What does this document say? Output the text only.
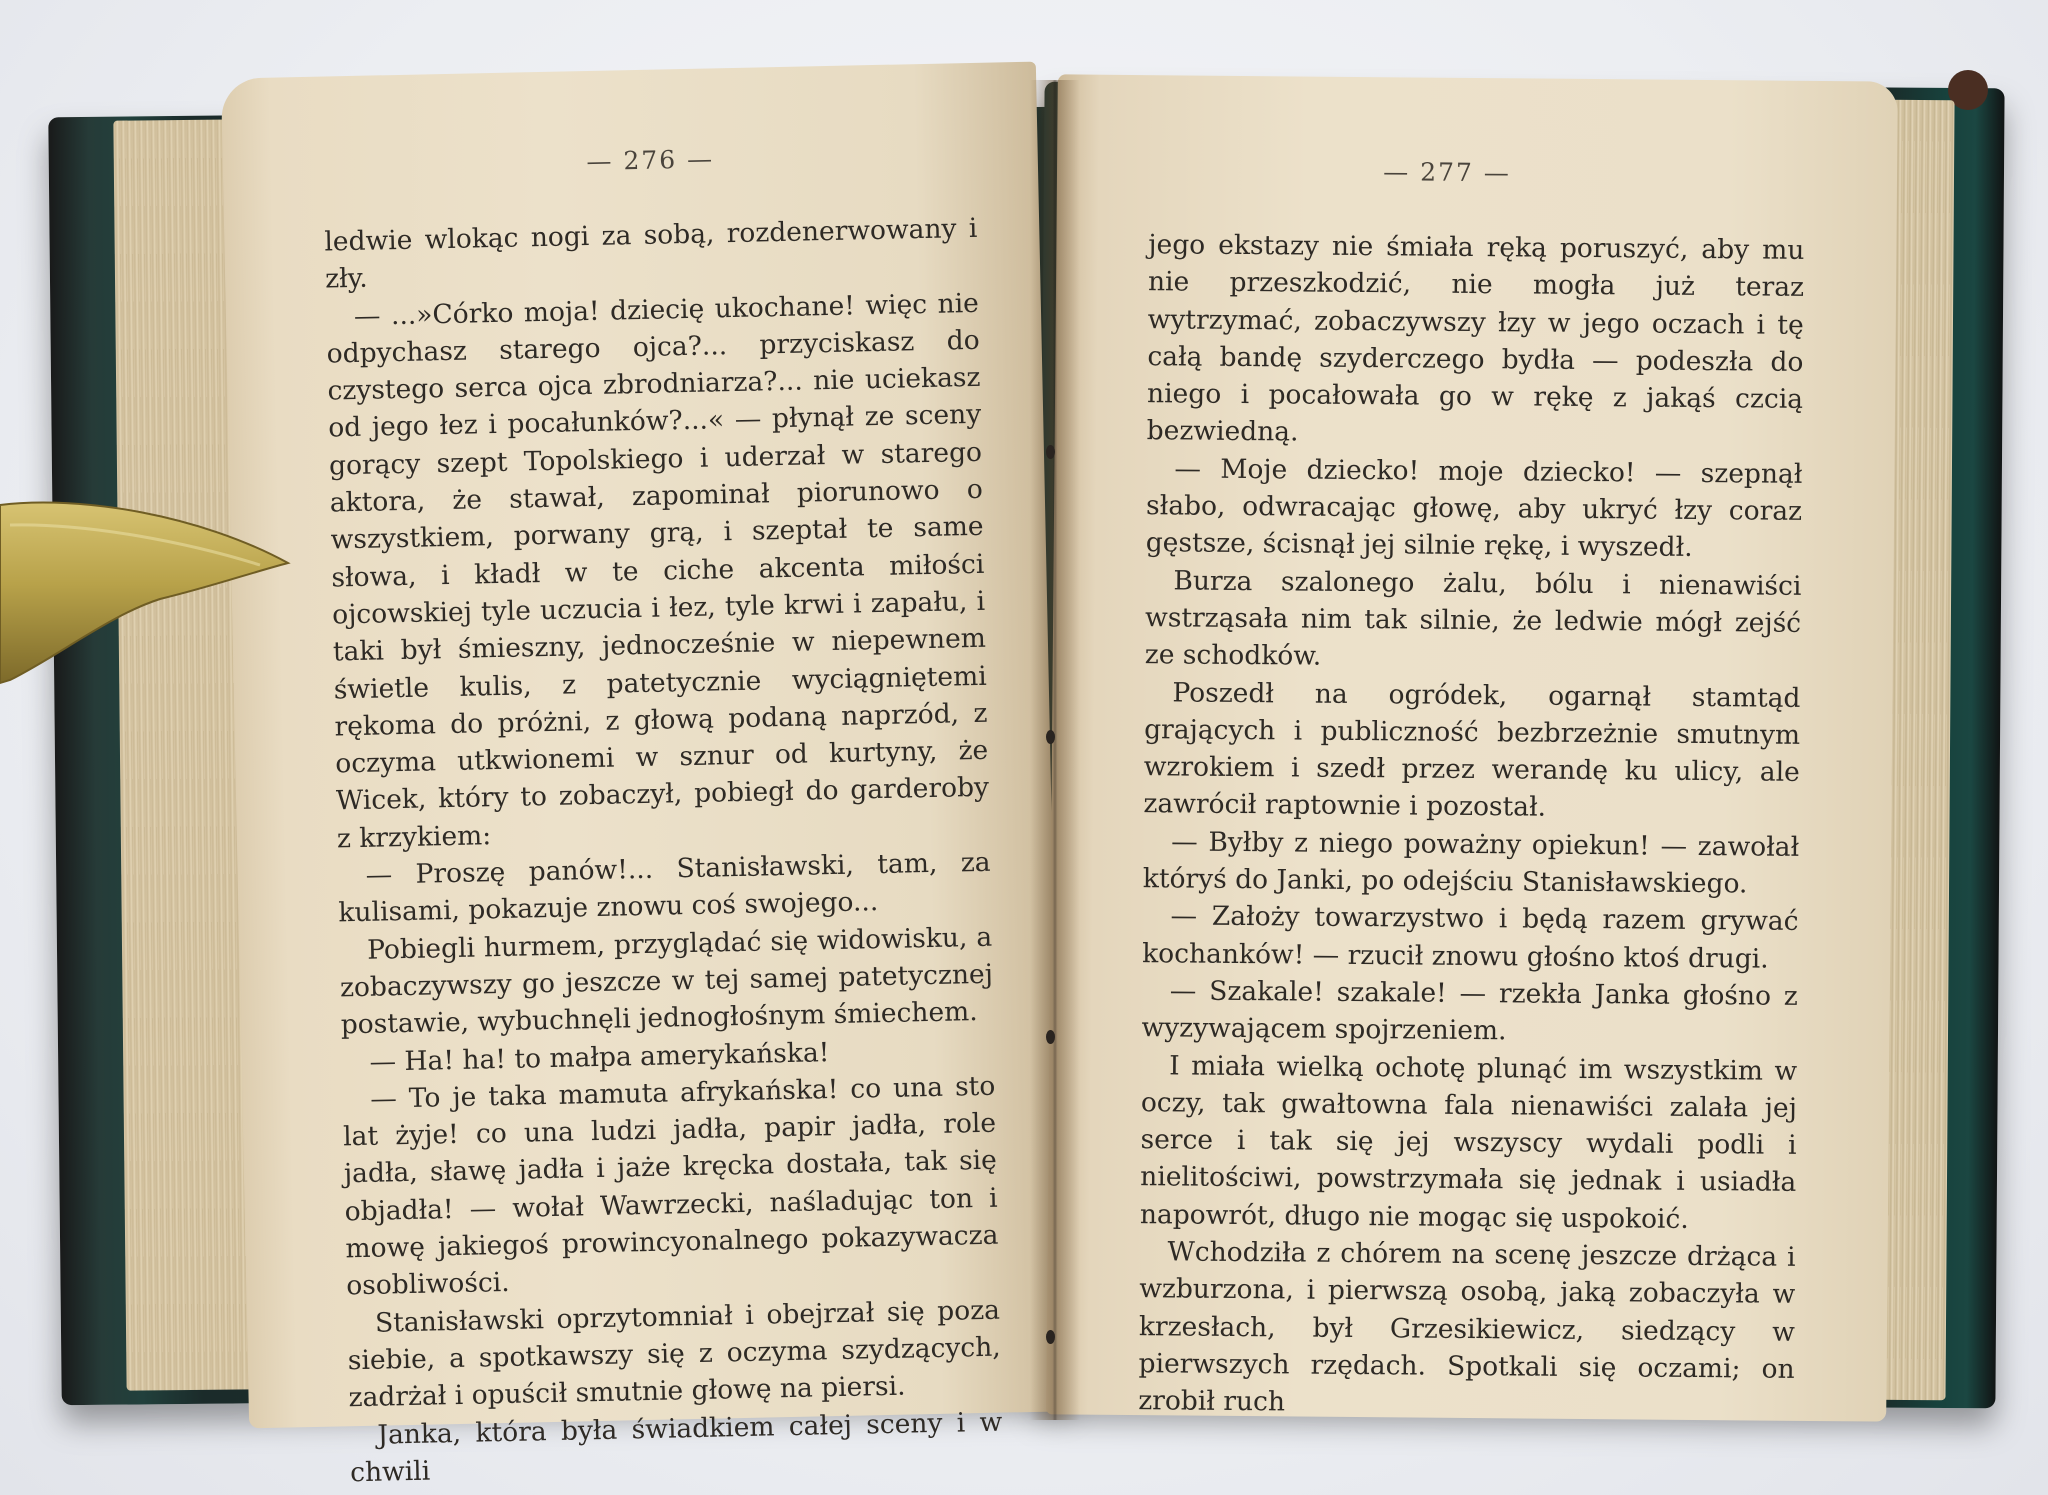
— 276 —

ledwie wlokąc nogi za sobą, rozdenerwowany i zły.

— ...»Córko moja! dziecię ukochane! więc nie odpychasz starego ojca?... przyciskasz do czystego serca ojca zbrodniarza?... nie uciekasz od jego łez i pocałunków?...« — płynął ze sceny gorący szept Topolskiego i uderzał w starego aktora, że stawał, zapominał piorunowo o wszystkiem, porwany grą, i szeptał te same słowa, i kładł w te ciche akcenta miłości ojcowskiej tyle uczucia i łez, tyle krwi i zapału, i taki był śmieszny, jednocześnie w niepewnem świetle kulis, z patetycznie wyciągniętemi rękoma do próżni, z głową podaną naprzód, z oczyma utkwionemi w sznur od kurtyny, że Wicek, który to zobaczył, pobiegł do garderoby z krzykiem:

— Proszę panów!... Stanisławski, tam, za kulisami, pokazuje znowu coś swojego...

Pobiegli hurmem, przyglądać się widowisku, a zobaczywszy go jeszcze w tej samej patetycznej postawie, wybuchnęli jednogłośnym śmiechem.

— Ha! ha! to małpa amerykańska!

— To je taka mamuta afrykańska! co una sto lat żyje! co una ludzi jadła, papir jadła, role jadła, sławę jadła i jaże kręcka dostała, tak się objadła! — wołał Wawrzecki, naśladując ton i mowę jakiegoś prowincyonalnego pokazywacza osobliwości.

Stanisławski oprzytomniał i obejrzał się poza siebie, a spotkawszy się z oczyma szydzących, zadrżał i opuścił smutnie głowę na piersi.

Janka, która była świadkiem całej sceny i w chwili

— 277 —

jego ekstazy nie śmiała ręką poruszyć, aby mu nie przeszkodzić, nie mogła już teraz wytrzymać, zobaczywszy łzy w jego oczach i tę całą bandę szyderczego bydła — podeszła do niego i pocałowała go w rękę z jakąś czcią bezwiedną.

— Moje dziecko! moje dziecko! — szepnął słabo, odwracając głowę, aby ukryć łzy coraz gęstsze, ścisnął jej silnie rękę, i wyszedł.

Burza szalonego żalu, bólu i nienawiści wstrząsała nim tak silnie, że ledwie mógł zejść ze schodków.

Poszedł na ogródek, ogarnął stamtąd grających i publiczność bezbrzeżnie smutnym wzrokiem i szedł przez werandę ku ulicy, ale zawrócił raptownie i pozostał.

— Byłby z niego poważny opiekun! — zawołał któryś do Janki, po odejściu Stanisławskiego.

— Założy towarzystwo i będą razem grywać kochanków! — rzucił znowu głośno ktoś drugi.

— Szakale! szakale! — rzekła Janka głośno z wyzywającem spojrzeniem.

I miała wielką ochotę plunąć im wszystkim w oczy, tak gwałtowna fala nienawiści zalała jej serce i tak się jej wszyscy wydali podli i nielitościwi, powstrzymała się jednak i usiadła napowrót, długo nie mogąc się uspokoić.

Wchodziła z chórem na scenę jeszcze drżąca i wzburzona, i pierwszą osobą, jaką zobaczyła w krzesłach, był Grzesikiewicz, siedzący w pierwszych rzędach. Spotkali się oczami; on zrobił ruch
